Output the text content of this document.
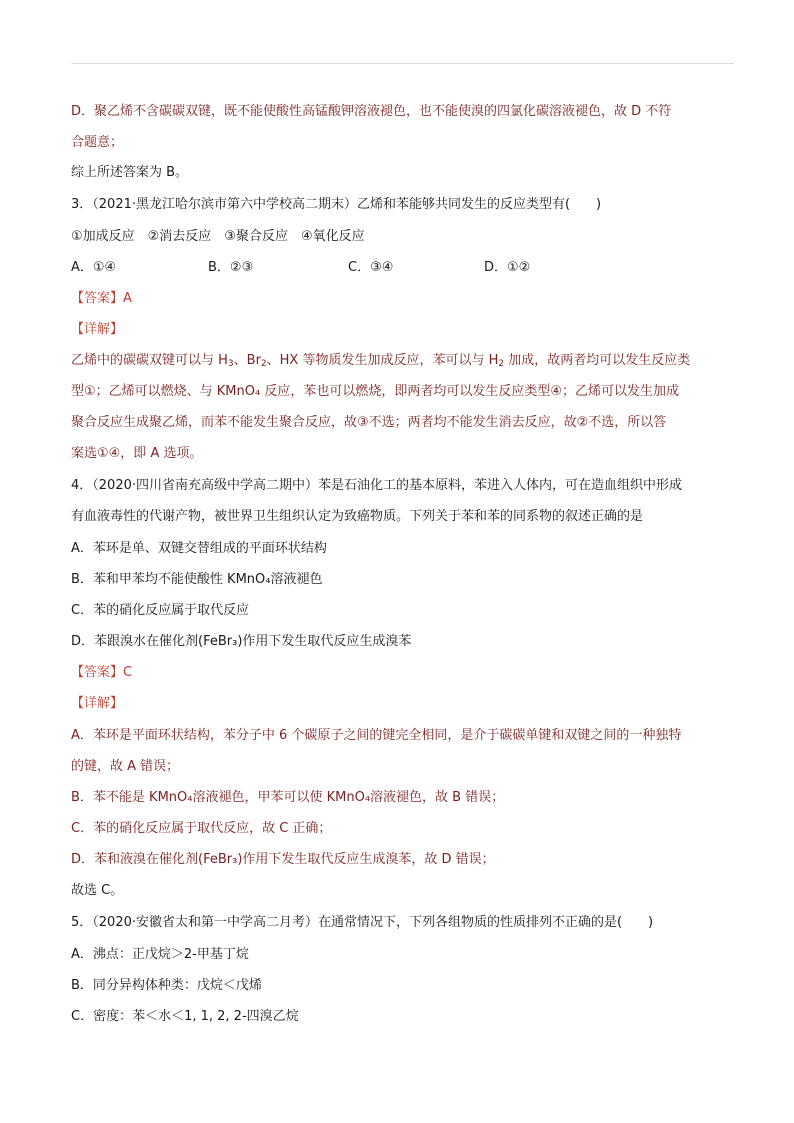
D．聚乙烯不含碳碳双键，既不能使酸性高锰酸钾溶液褪色，也不能使溴的四氯化碳溶液褪色，故 D 不符
合题意；
综上所述答案为 B。
3．（2021·黑龙江哈尔滨市第六中学校高二期末）乙烯和苯能够共同发生的反应类型有(　　)
①加成反应　②消去反应　③聚合反应　④氧化反应
A．①④	B．②③	C．③④	D．①②
【答案】A
【详解】
乙烯中的碳碳双键可以与 $H_3$、$Br_2$、HX 等物质发生加成反应，苯可以与 $H_2$ 加成，故两者均可以发生反应类
型①；乙烯可以燃烧、与 KMnO₄ 反应，苯也可以燃烧，即两者均可以发生反应类型④；乙烯可以发生加成
聚合反应生成聚乙烯，而苯不能发生聚合反应，故③不选；两者均不能发生消去反应，故②不选，所以答
案选①④，即 A 选项。
4．（2020·四川省南充高级中学高二期中）苯是石油化工的基本原料，苯进入人体内，可在造血组织中形成
有血液毒性的代谢产物，被世界卫生组织认定为致癌物质。下列关于苯和苯的同系物的叙述正确的是
A．苯环是单、双键交替组成的平面环状结构
B．苯和甲苯均不能使酸性 KMnO₄溶液褪色
C．苯的硝化反应属于取代反应
D．苯跟溴水在催化剂(FeBr₃)作用下发生取代反应生成溴苯
【答案】C
【详解】
A．苯环是平面环状结构，苯分子中 6 个碳原子之间的键完全相同，是介于碳碳单键和双键之间的一种独特
的键，故 A 错误；
B．苯不能是 KMnO₄溶液褪色，甲苯可以使 KMnO₄溶液褪色，故 B 错误；
C．苯的硝化反应属于取代反应，故 C 正确；
D．苯和液溴在催化剂(FeBr₃)作用下发生取代反应生成溴苯，故 D 错误；
故选 C。
5．（2020·安徽省太和第一中学高二月考）在通常情况下，下列各组物质的性质排列不正确的是(　　)
A．沸点：正戊烷＞2-甲基丁烷
B．同分异构体种类：戊烷＜戊烯
C．密度：苯＜水＜1, 1, 2, 2-四溴乙烷
